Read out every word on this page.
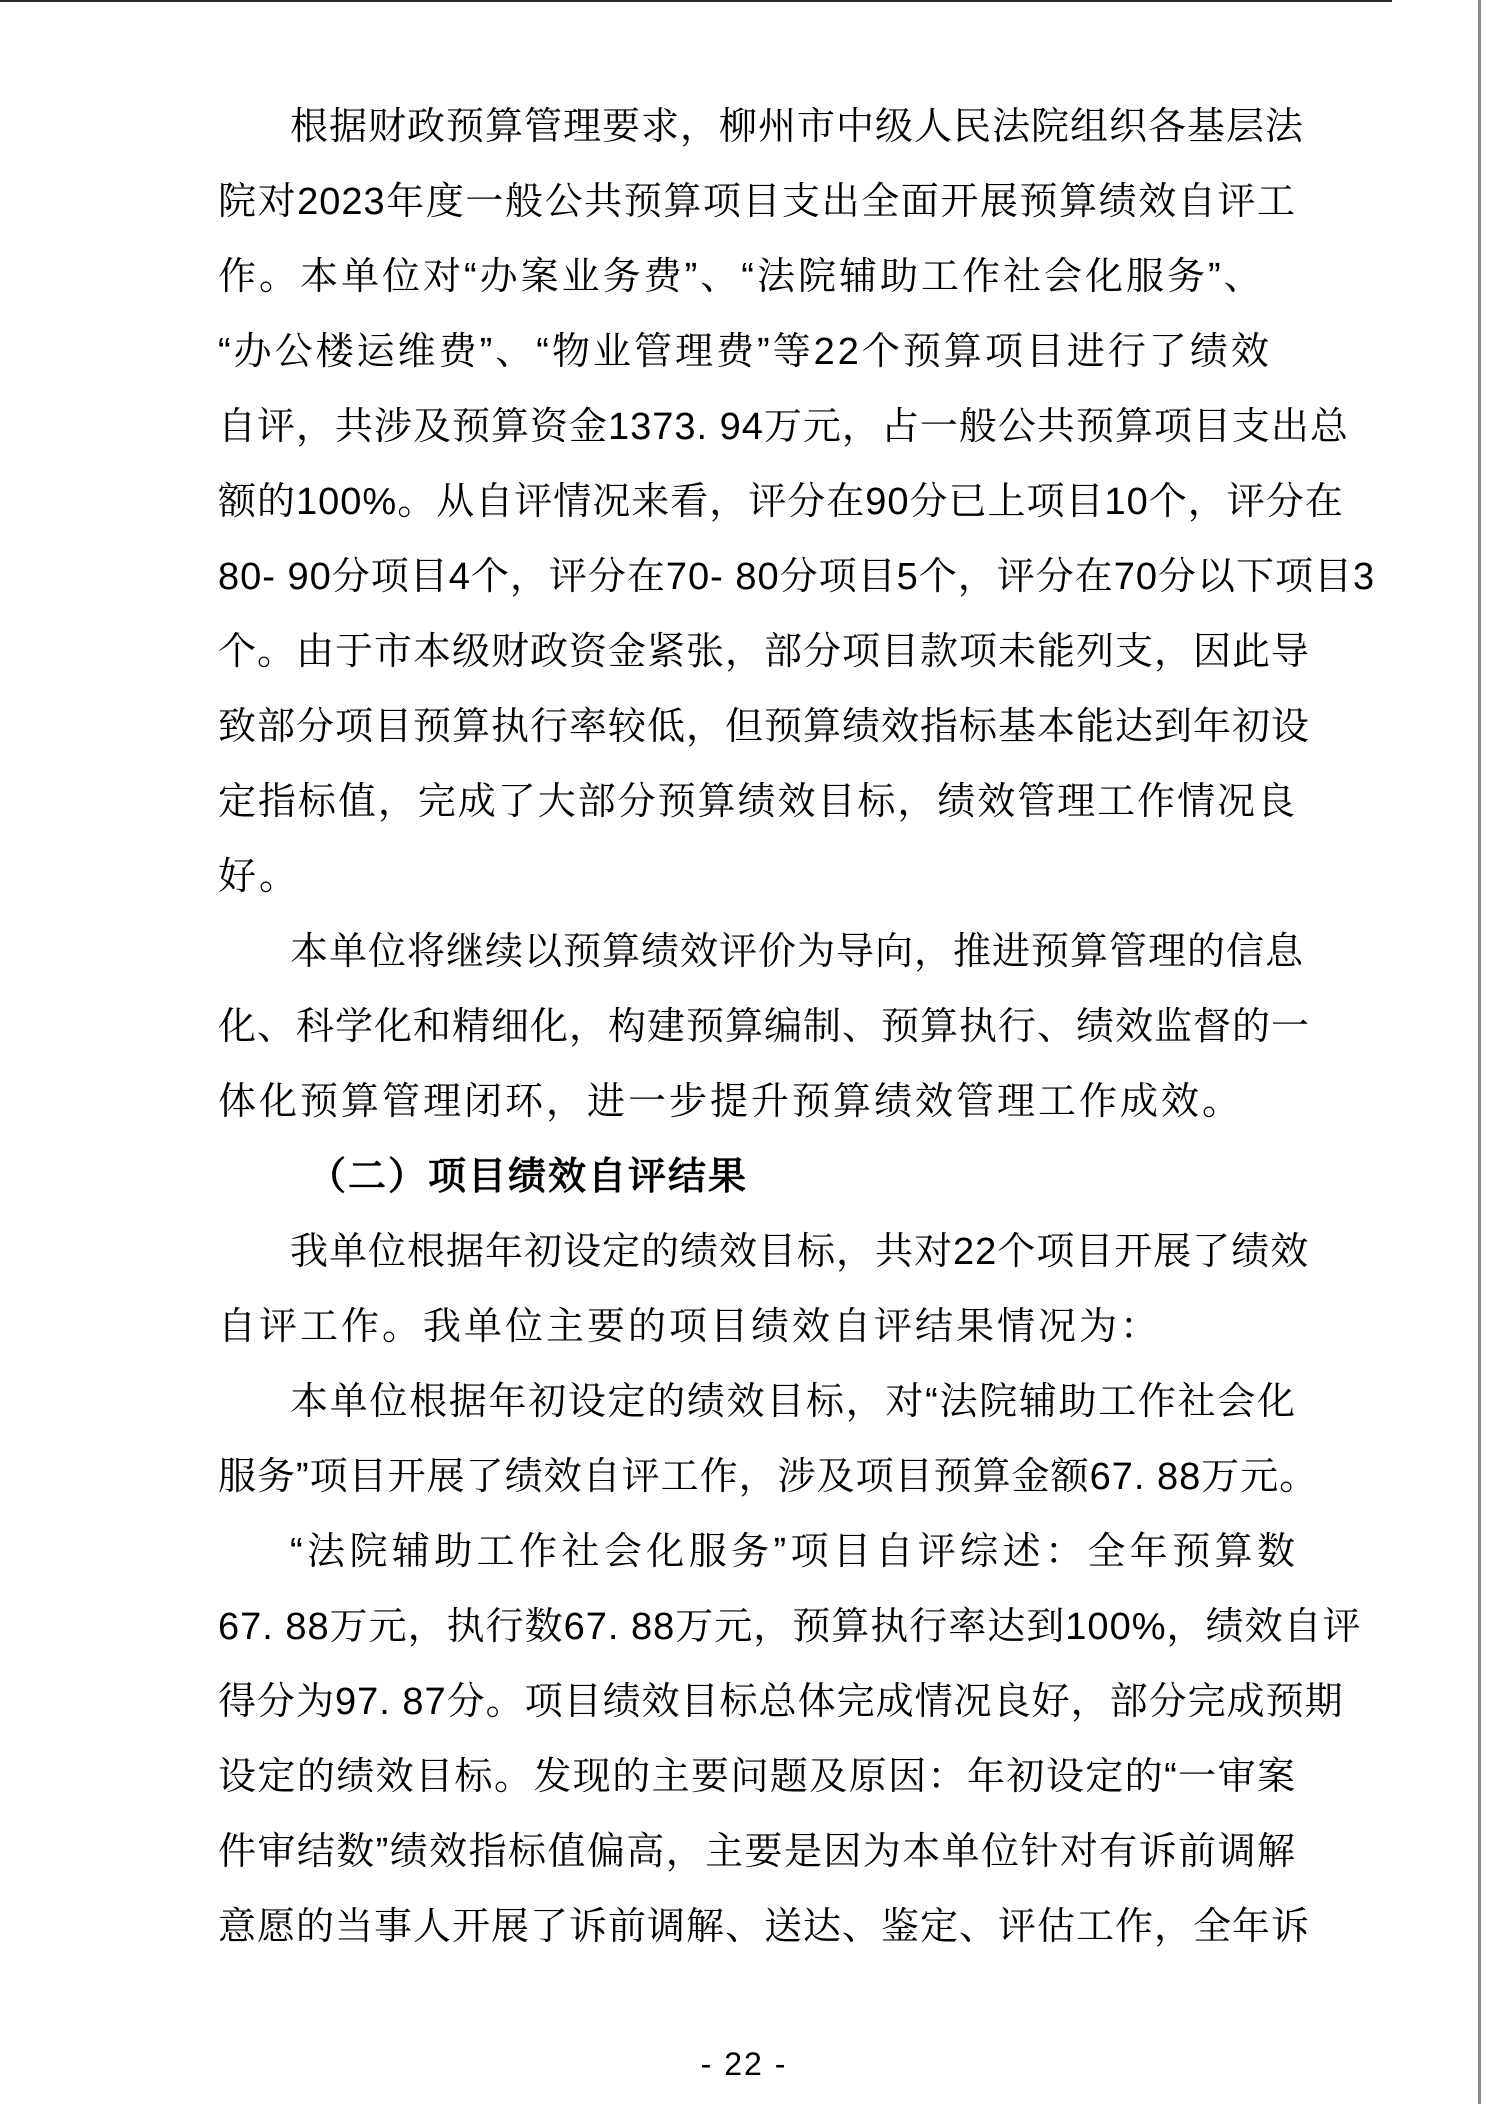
根据财政预算管理要求，柳州市中级人民法院组织各基层法
院对2023年度一般公共预算项目支出全面开展预算绩效自评工
作。本单位对“办案业务费”、“法院辅助工作社会化服务”、
“办公楼运维费”、“物业管理费”等22个预算项目进行了绩效
自评，共涉及预算资金1373. 94万元，占一般公共预算项目支出总
额的100%。从自评情况来看，评分在90分已上项目10个，评分在
80- 90分项目4个，评分在70- 80分项目5个，评分在70分以下项目3
个。由于市本级财政资金紧张，部分项目款项未能列支，因此导
致部分项目预算执行率较低，但预算绩效指标基本能达到年初设
定指标值，完成了大部分预算绩效目标，绩效管理工作情况良
好。
本单位将继续以预算绩效评价为导向，推进预算管理的信息
化、科学化和精细化，构建预算编制、预算执行、绩效监督的一
体化预算管理闭环，进一步提升预算绩效管理工作成效。
（二）项目绩效自评结果
我单位根据年初设定的绩效目标，共对22个项目开展了绩效
自评工作。我单位主要的项目绩效自评结果情况为：
本单位根据年初设定的绩效目标，对“法院辅助工作社会化
服务”项目开展了绩效自评工作，涉及项目预算金额67. 88万元。
“法院辅助工作社会化服务”项目自评综述：全年预算数
67. 88万元，执行数67. 88万元，预算执行率达到100%，绩效自评
得分为97. 87分。项目绩效目标总体完成情况良好，部分完成预期
设定的绩效目标。发现的主要问题及原因：年初设定的“一审案
件审结数”绩效指标值偏高，主要是因为本单位针对有诉前调解
意愿的当事人开展了诉前调解、送达、鉴定、评估工作，全年诉
- 22 -
